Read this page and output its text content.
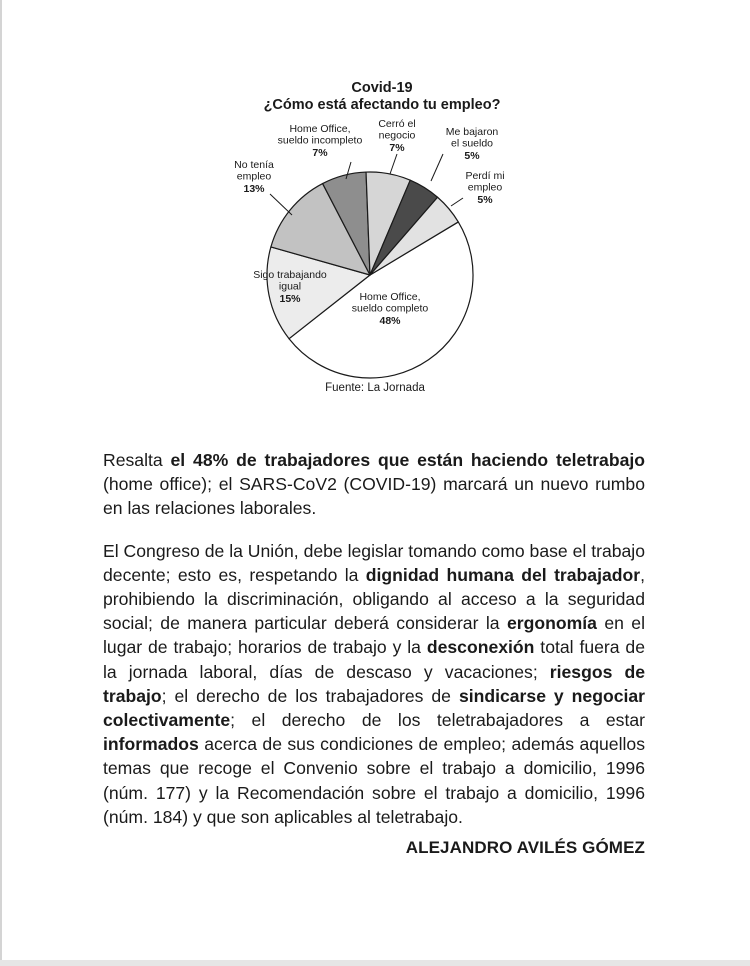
Covid-19
¿Cómo está afectando tu empleo?
Home Office,
sueldo completo
48%
Sigo trabajando
igual
15%
No tenía
empleo
13%
Home Office,
sueldo incompleto
7%
Cerró el
negocio
7%
Me bajaron
el sueldo
5%
Perdí mi
empleo
5%
Fuente: La Jornada

Resalta el 48% de trabajadores que están haciendo teletrabajo (home office); el SARS-CoV2 (COVID-19) marcará un nuevo rumbo en las relaciones laborales.

El Congreso de la Unión, debe legislar tomando como base el trabajo decente; esto es, respetando la dignidad humana del trabajador, prohibiendo la discriminación, obligando al acceso a la seguridad social; de manera particular deberá considerar la ergonomía en el lugar de trabajo; horarios de trabajo y la desconexión total fuera de la jornada laboral, días de descaso y vacaciones; riesgos de trabajo; el derecho de los trabajadores de sindicarse y negociar colectivamente; el derecho de los teletrabajadores a estar informados acerca de sus condiciones de empleo; además aquellos temas que recoge el Convenio sobre el trabajo a domicilio, 1996 (núm. 177) y la Recomendación sobre el trabajo a domicilio, 1996 (núm. 184) y que son aplicables al teletrabajo.

ALEJANDRO AVILÉS GÓMEZ
